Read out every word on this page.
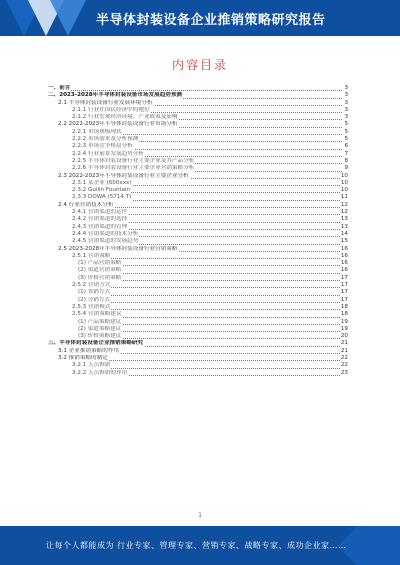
半导体封装设备企业推销策略研究报告
内容目录
一、前言	3
二、2023-2028年半导体封装设备市场发展趋势预测	3
2.1 半导体封装设备行业发展环境分析	3
2.1.1 行业在国民经济中的地位	3
2.1.2 行业宏观经济环境、产业政策及影响	3
2.2 2022-2023年半导体封装设备行业市场分析	5
2.2.1 市场规模现状	5
2.2.2 市场需求及分析预测	5
2.2.3 市场竞争格局分析	6
2.2.4 行业前景发展趋势分析	7
2.2.5 半导体封装设备行业主要企业及其产品分析	8
2.2.6 半导体封装设备行业主要企业营销策略分析	9
2.3 2022-2023年半导体封装设备行业主要企业分析	10
2.3.1 某企业 (600xxx)	10
2.3.2 Guilin Fountain	10
2.3.3 DOWA (5714.T)	11
2.4 行业营销技术分析	12
2.4.1 营销渠道的运作	12
2.4.2 营销渠道的选择	13
2.4.3 营销渠道的管理	13
2.4.4 营销渠道的技术分析	14
2.4.5 营销渠道的发展趋势	15
2.5 2023-2028年半导体封装设备行业营销策略	16
2.5.1 营销策略	16
(1) 产品营销策略	16
(2) 渠道营销策略	16
(3) 价格营销策略	17
2.5.2 营销方式	17
(1) 直销方式	17
(2) 分销方式	17
2.5.3 营销模式	18
2.5.4 营销策略建议	18
(1) 产品策略建议	19
(2) 渠道策略建议	19
(3) 价格策略建议	20
三、半导体封装设备企业推销策略研究	21
3.1 企业推销策略的作用	21
3.2 推销策略的制定	22
3.2.1 人员推销	22
3.2.2 人员推销的作用	23
1
让每个人都能成为 行业专家、管理专家、营销专家、战略专家、成功企业家……
